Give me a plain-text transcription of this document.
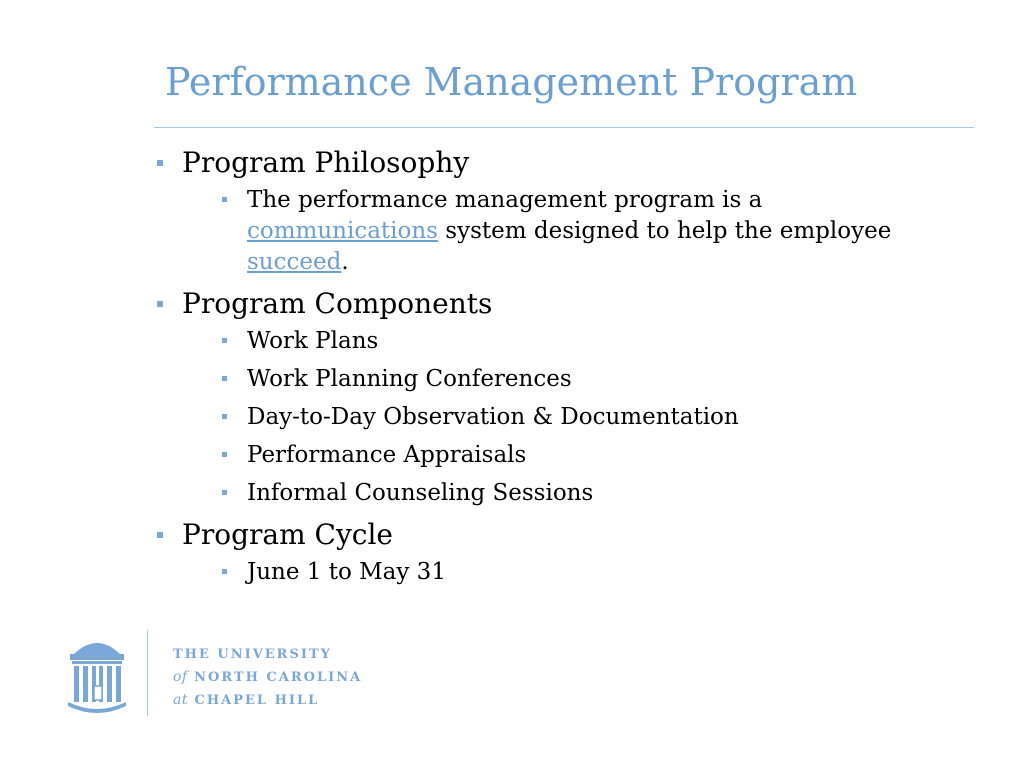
Performance Management Program
Program Philosophy
The performance management program is a communications system designed to help the employee succeed.
Program Components
Work Plans
Work Planning Conferences
Day-to-Day Observation & Documentation
Performance Appraisals
Informal Counseling Sessions
Program Cycle
June 1 to May 31
THE UNIVERSITY
of NORTH CAROLINA
at CHAPEL HILL
